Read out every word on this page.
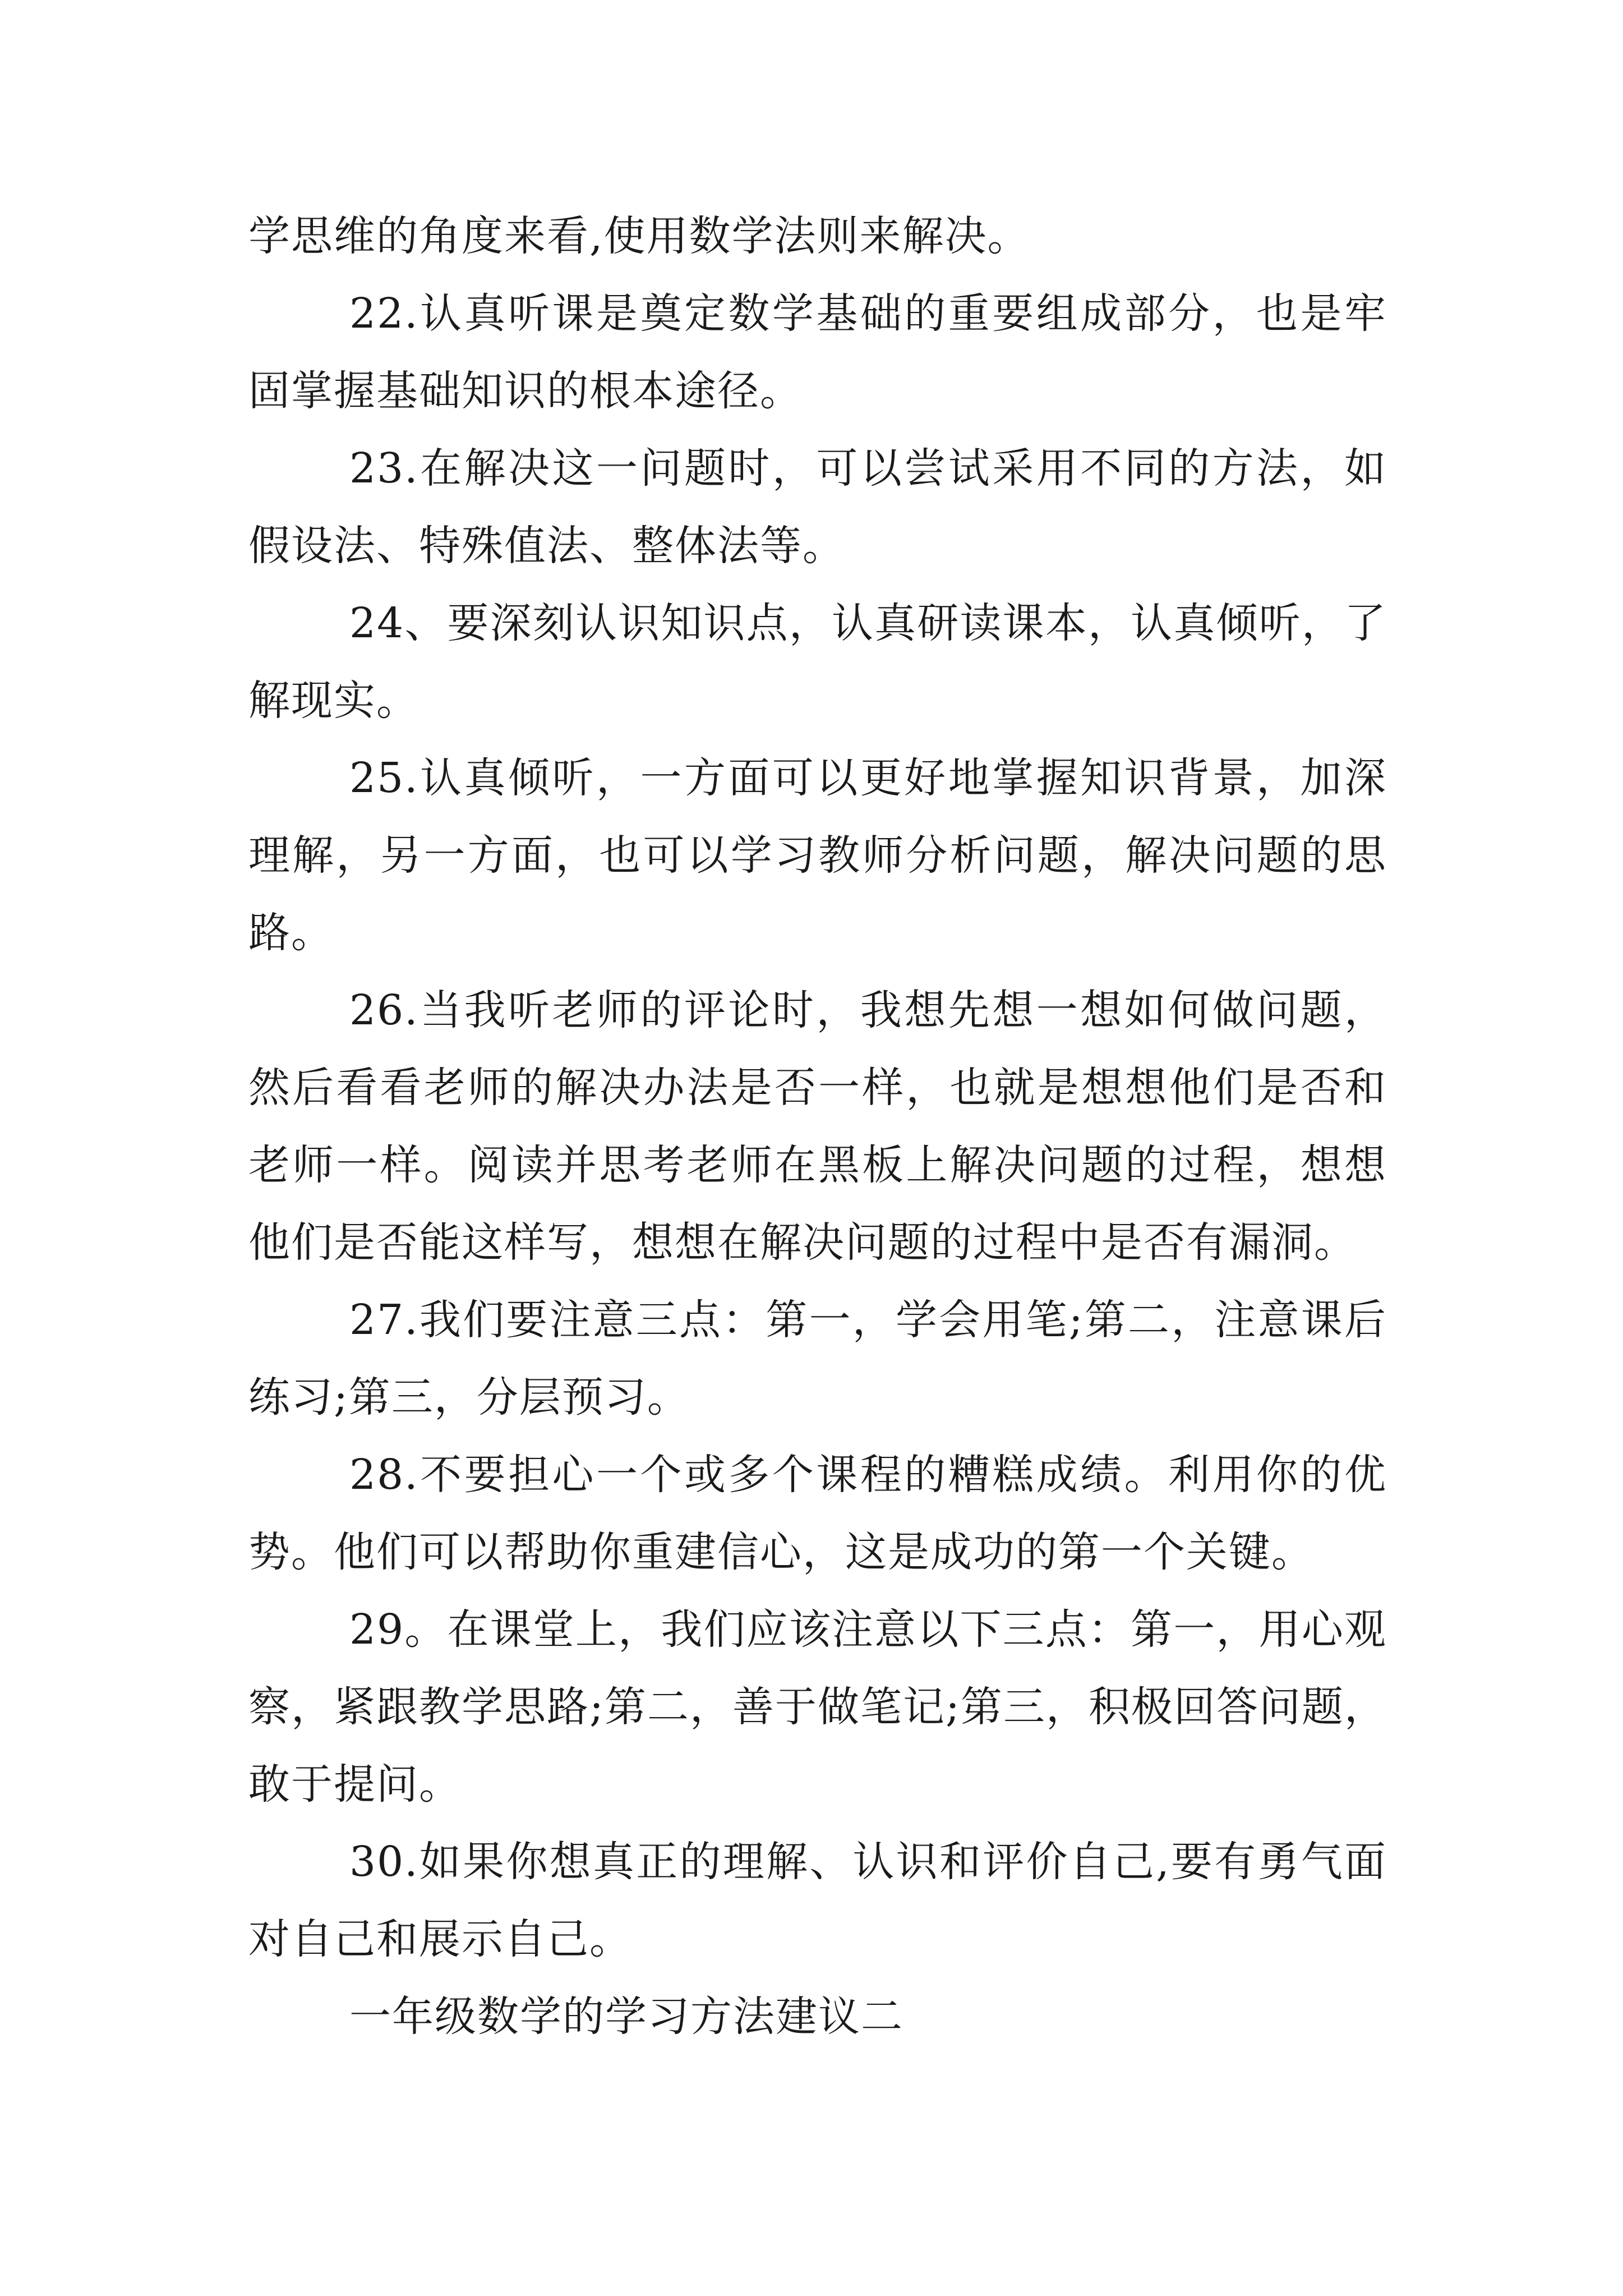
学思维的角度来看,使用数学法则来解决。

22.认真听课是奠定数学基础的重要组成部分，也是牢固掌握基础知识的根本途径。

23.在解决这一问题时，可以尝试采用不同的方法，如假设法、特殊值法、整体法等。

24、要深刻认识知识点，认真研读课本，认真倾听，了解现实。

25.认真倾听，一方面可以更好地掌握知识背景，加深理解，另一方面，也可以学习教师分析问题，解决问题的思路。

26.当我听老师的评论时，我想先想一想如何做问题，然后看看老师的解决办法是否一样，也就是想想他们是否和老师一样。阅读并思考老师在黑板上解决问题的过程，想想他们是否能这样写，想想在解决问题的过程中是否有漏洞。

27.我们要注意三点：第一，学会用笔;第二，注意课后练习;第三，分层预习。

28.不要担心一个或多个课程的糟糕成绩。利用你的优势。他们可以帮助你重建信心，这是成功的第一个关键。

29。在课堂上，我们应该注意以下三点：第一，用心观察，紧跟教学思路;第二，善于做笔记;第三，积极回答问题，敢于提问。

30.如果你想真正的理解、认识和评价自己,要有勇气面对自己和展示自己。

一年级数学的学习方法建议二
